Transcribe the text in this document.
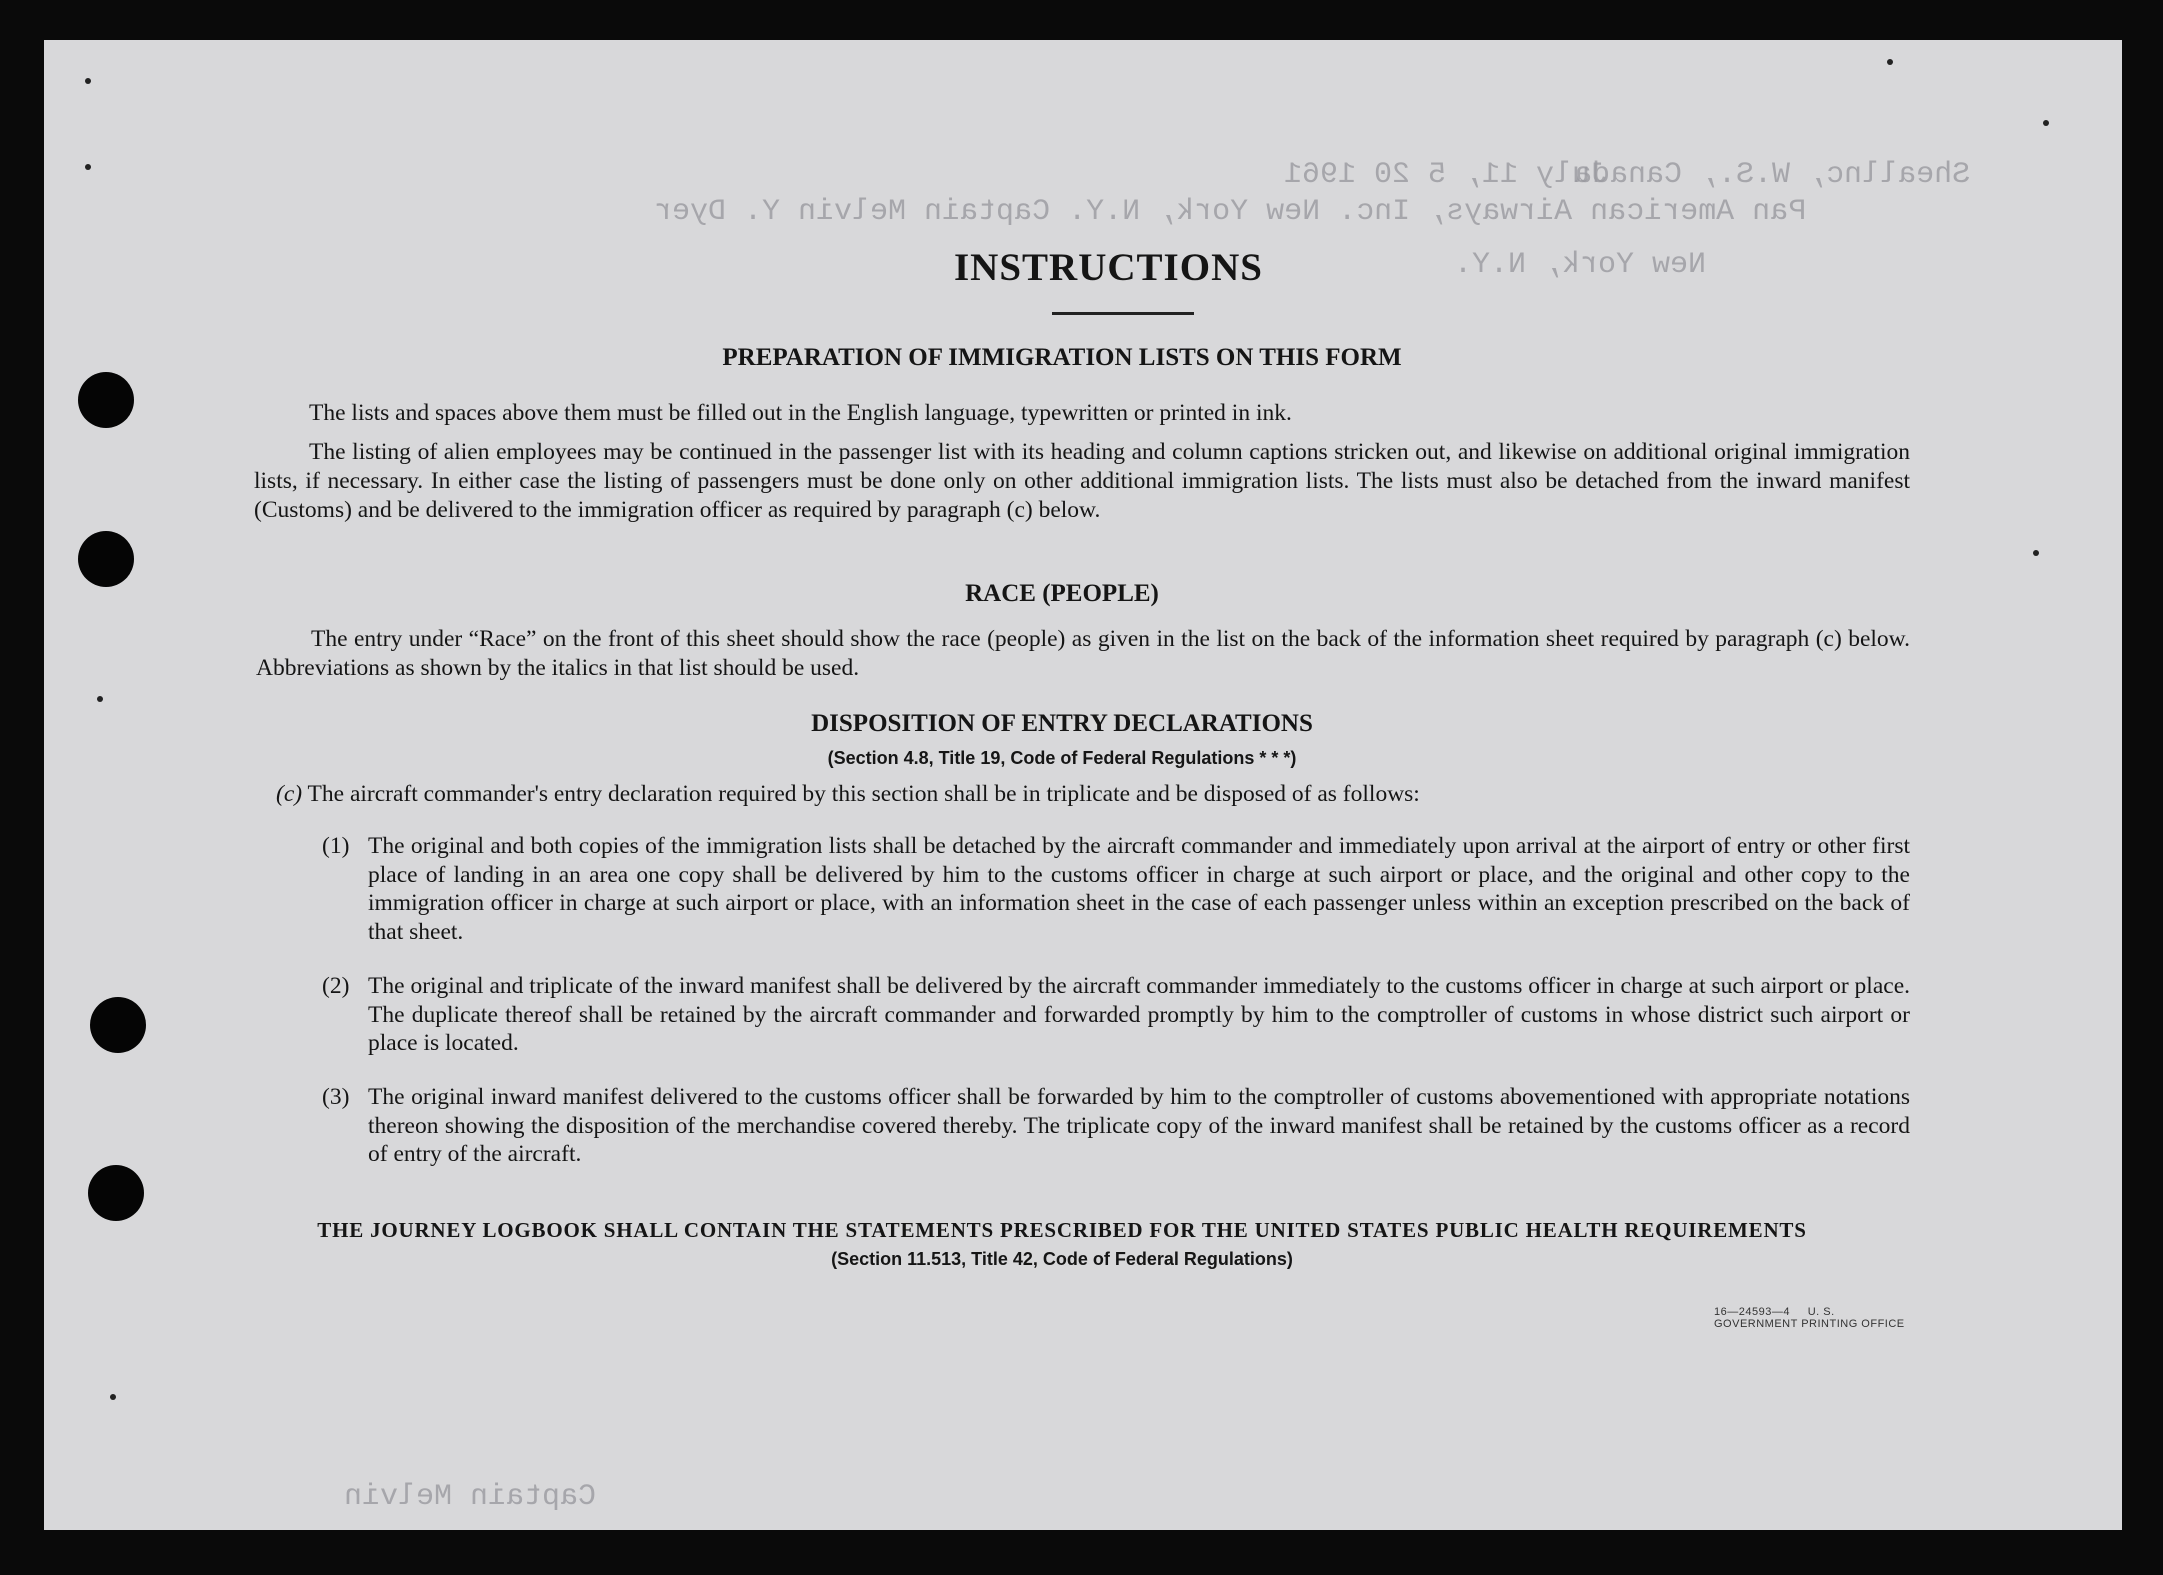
Sheallnc, W.S., Canada
July 11, 5 20 1961
Pan American Airways, Inc. New York, N.Y. Captain Melvin Y. Dyer
New York, N.Y.
Captain Melvin
INSTRUCTIONS
PREPARATION OF IMMIGRATION LISTS ON THIS FORM
The lists and spaces above them must be filled out in the English language, typewritten or printed in ink.
The listing of alien employees may be continued in the passenger list with its heading and column captions stricken out, and likewise on additional original immigration lists, if necessary. In either case the listing of passengers must be done only on other additional immigration lists. The lists must also be detached from the inward manifest (Customs) and be delivered to the immigration officer as required by paragraph (c) below.
RACE (PEOPLE)
The entry under “Race” on the front of this sheet should show the race (people) as given in the list on the back of the information sheet required by paragraph (c) below. Abbreviations as shown by the italics in that list should be used.
DISPOSITION OF ENTRY DECLARATIONS
(Section 4.8, Title 19, Code of Federal Regulations * * *)
(c) The aircraft commander's entry declaration required by this section shall be in triplicate and be disposed of as follows:
(1) The original and both copies of the immigration lists shall be detached by the aircraft commander and immediately upon arrival at the airport of entry or other first place of landing in an area one copy shall be delivered by him to the customs officer in charge at such airport or place, and the original and other copy to the immigration officer in charge at such airport or place, with an information sheet in the case of each passenger unless within an exception prescribed on the back of that sheet.
(2) The original and triplicate of the inward manifest shall be delivered by the aircraft commander immediately to the customs officer in charge at such airport or place. The duplicate thereof shall be retained by the aircraft commander and forwarded promptly by him to the comptroller of customs in whose district such airport or place is located.
(3) The original inward manifest delivered to the customs officer shall be forwarded by him to the comptroller of customs abovementioned with appropriate notations thereon showing the disposition of the merchandise covered thereby. The triplicate copy of the inward manifest shall be retained by the customs officer as a record of entry of the aircraft.
THE JOURNEY LOGBOOK SHALL CONTAIN THE STATEMENTS PRESCRIBED FOR THE UNITED STATES PUBLIC HEALTH REQUIREMENTS
(Section 11.513, Title 42, Code of Federal Regulations)
16—24593—4 U. S. GOVERNMENT PRINTING OFFICE
